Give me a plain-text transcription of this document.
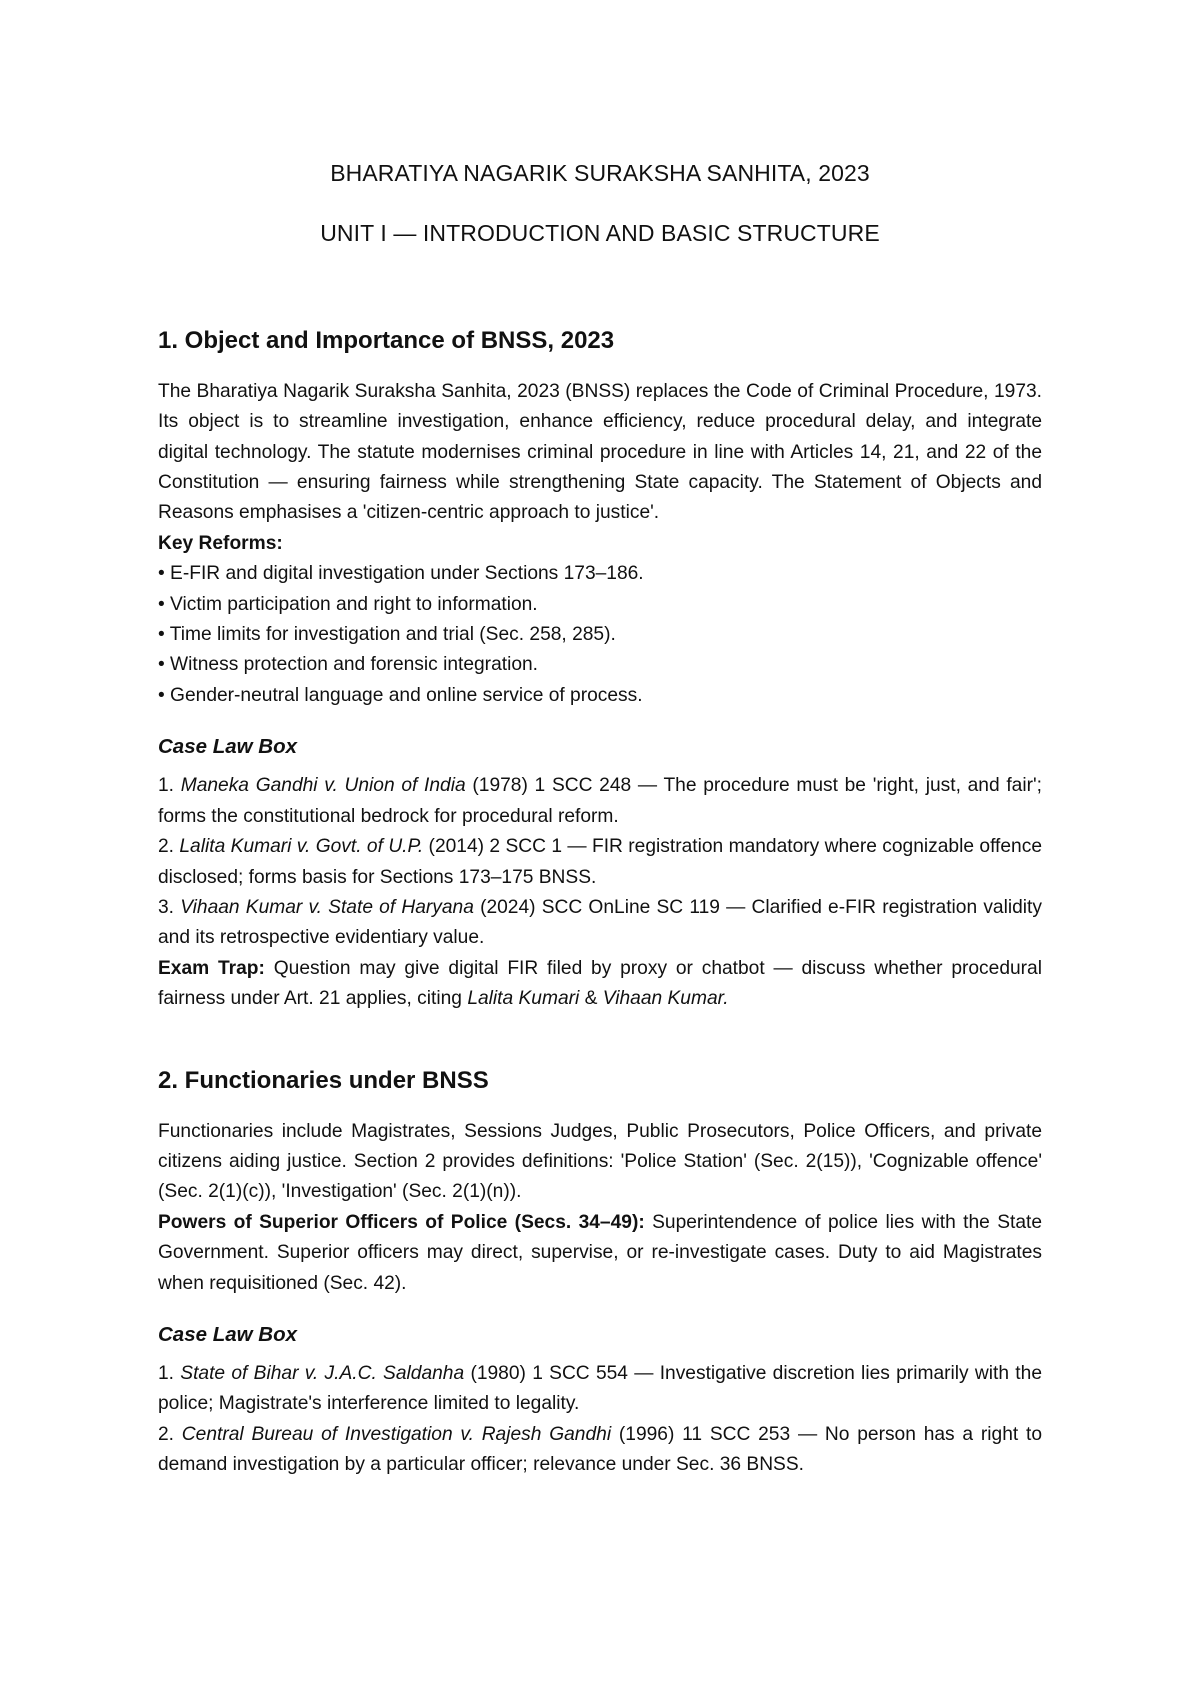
BHARATIYA NAGARIK SURAKSHA SANHITA, 2023

UNIT I — INTRODUCTION AND BASIC STRUCTURE

1. Object and Importance of BNSS, 2023

The Bharatiya Nagarik Suraksha Sanhita, 2023 (BNSS) replaces the Code of Criminal Procedure, 1973. Its object is to streamline investigation, enhance efficiency, reduce procedural delay, and integrate digital technology. The statute modernises criminal procedure in line with Articles 14, 21, and 22 of the Constitution — ensuring fairness while strengthening State capacity. The Statement of Objects and Reasons emphasises a 'citizen-centric approach to justice'.

Key Reforms:

• E-FIR and digital investigation under Sections 173–186.
• Victim participation and right to information.
• Time limits for investigation and trial (Sec. 258, 285).
• Witness protection and forensic integration.
• Gender-neutral language and online service of process.
Case Law Box

1. Maneka Gandhi v. Union of India (1978) 1 SCC 248 — The procedure must be 'right, just, and fair'; forms the constitutional bedrock for procedural reform.

2. Lalita Kumari v. Govt. of U.P. (2014) 2 SCC 1 — FIR registration mandatory where cognizable offence disclosed; forms basis for Sections 173–175 BNSS.

3. Vihaan Kumar v. State of Haryana (2024) SCC OnLine SC 119 — Clarified e-FIR registration validity and its retrospective evidentiary value.

Exam Trap: Question may give digital FIR filed by proxy or chatbot — discuss whether procedural fairness under Art. 21 applies, citing Lalita Kumari & Vihaan Kumar.

2. Functionaries under BNSS

Functionaries include Magistrates, Sessions Judges, Public Prosecutors, Police Officers, and private citizens aiding justice. Section 2 provides definitions: 'Police Station' (Sec. 2(15)), 'Cognizable offence' (Sec. 2(1)(c)), 'Investigation' (Sec. 2(1)(n)).

Powers of Superior Officers of Police (Secs. 34–49): Superintendence of police lies with the State Government. Superior officers may direct, supervise, or re-investigate cases. Duty to aid Magistrates when requisitioned (Sec. 42).

Case Law Box

1. State of Bihar v. J.A.C. Saldanha (1980) 1 SCC 554 — Investigative discretion lies primarily with the police; Magistrate's interference limited to legality.

2. Central Bureau of Investigation v. Rajesh Gandhi (1996) 11 SCC 253 — No person has a right to demand investigation by a particular officer; relevance under Sec. 36 BNSS.
